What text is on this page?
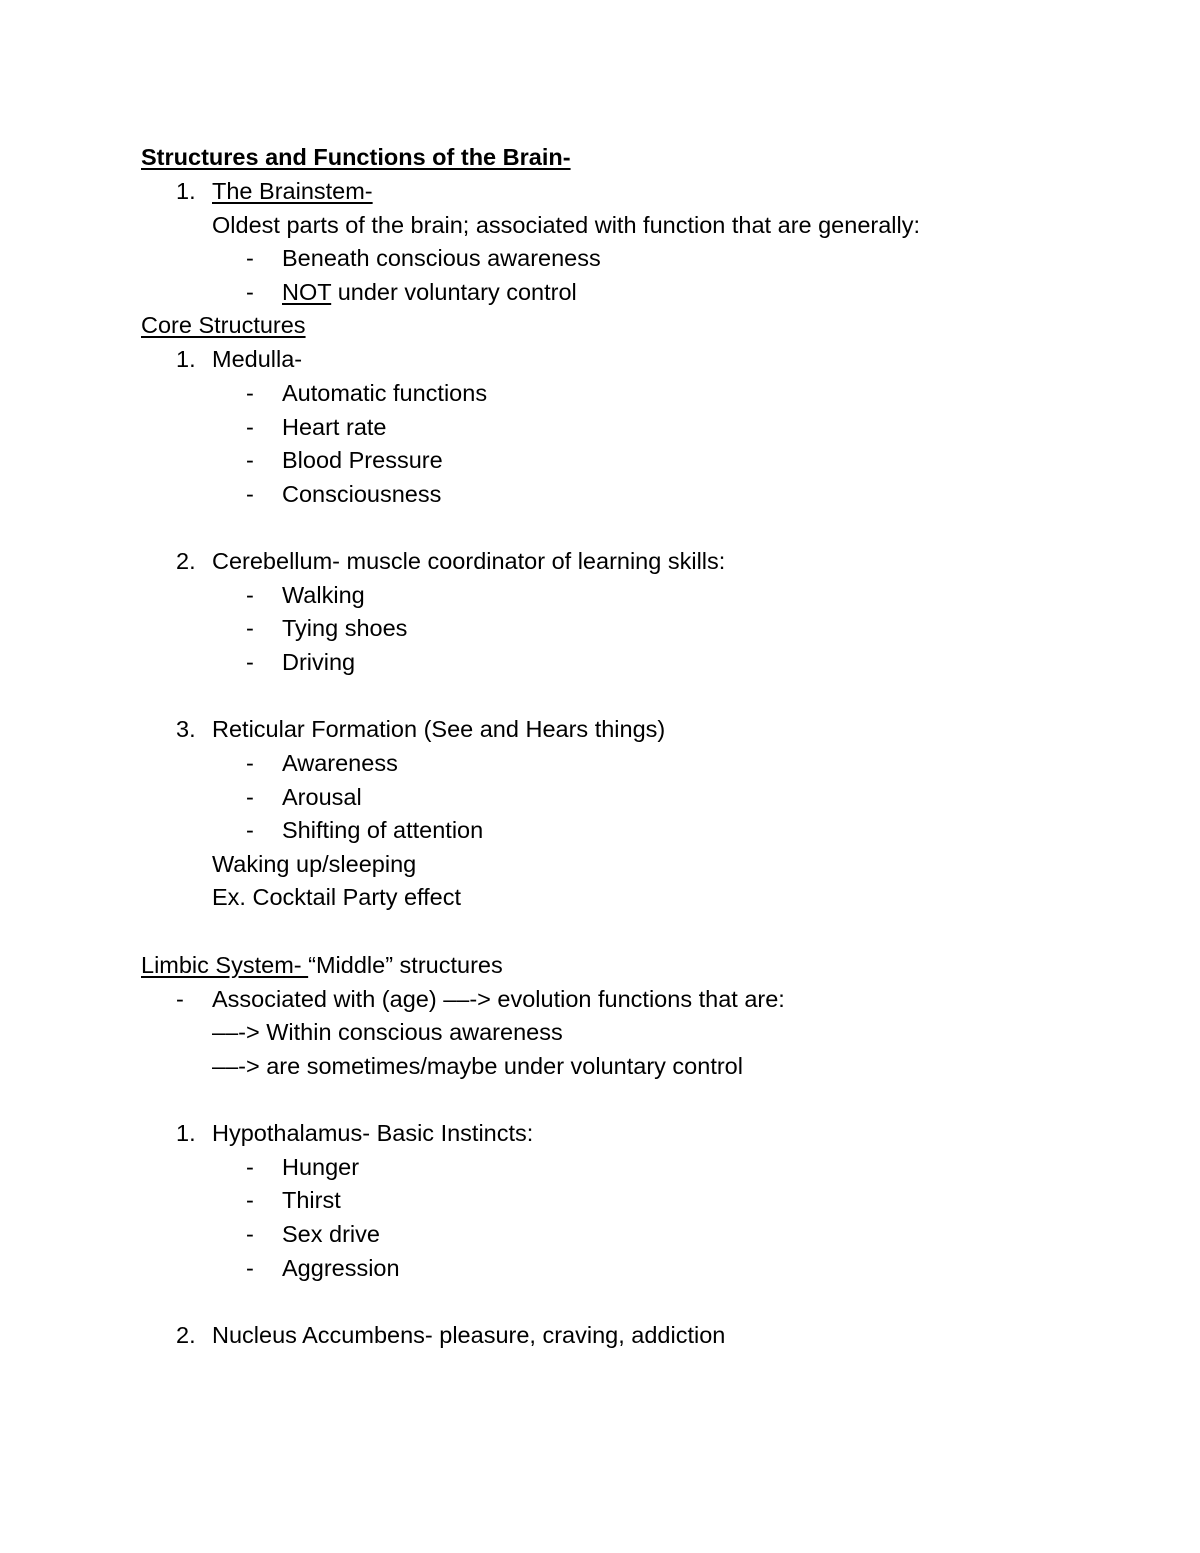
Structures and Functions of the Brain-
1. The Brainstem-
Oldest parts of the brain; associated with function that are generally:
- Beneath conscious awareness
- NOT under voluntary control
Core Structures
1. Medulla-
- Automatic functions
- Heart rate
- Blood Pressure
- Consciousness
2. Cerebellum- muscle coordinator of learning skills:
- Walking
- Tying shoes
- Driving
3. Reticular Formation (See and Hears things)
- Awareness
- Arousal
- Shifting of attention
Waking up/sleeping
Ex. Cocktail Party effect
Limbic System- “Middle” structures
- Associated with (age) ––-> evolution functions that are:
––-> Within conscious awareness
––-> are sometimes/maybe under voluntary control
1. Hypothalamus- Basic Instincts:
- Hunger
- Thirst
- Sex drive
- Aggression
2. Nucleus Accumbens- pleasure, craving, addiction
